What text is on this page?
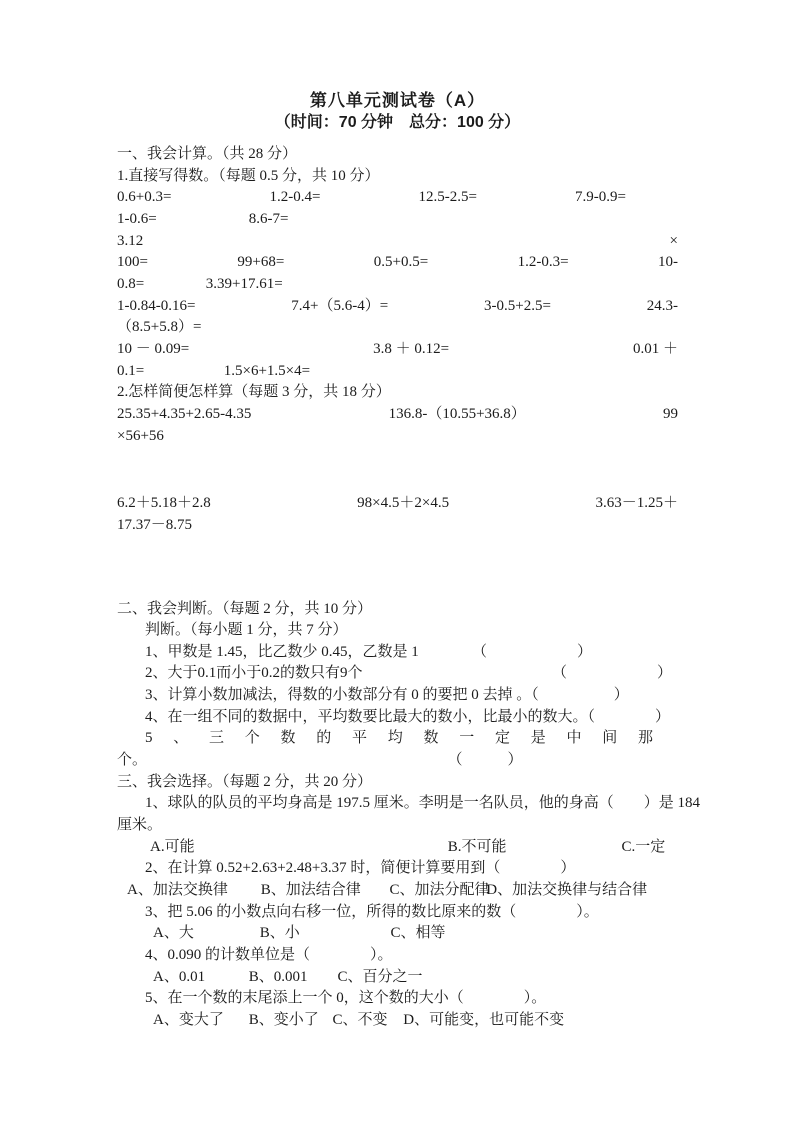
第八单元测试卷（A）
（时间：70 分钟　总分：100 分）
一、我会计算。（共 28 分）
1.直接写得数。（每题 0.5 分，共 10 分）
0.6+0.3=	1.2-0.4=	12.5-2.5=	7.9-0.9=
1-0.6=	8.6-7=
3.12	×
100=	99+68=	0.5+0.5=	1.2-0.3=	10-
0.8=	3.39+17.61=
1-0.84-0.16=	7.4+（5.6-4）=	3-0.5+2.5=	24.3-
（8.5+5.8）=
10 － 0.09=	3.8 ＋ 0.12=	0.01 ＋
0.1=	1.5×6+1.5×4=
2.怎样简便怎样算（每题 3 分，共 18 分）
25.35+4.35+2.65-4.35	136.8-（10.55+36.8）	99
×56+56
6.2＋5.18＋2.8	98×4.5＋2×4.5	3.63－1.25＋
17.37－8.75
二、我会判断。（每题 2 分，共 10 分）
判断。（每小题 1 分，共 7 分）
1、甲数是 1.45，比乙数少 0.45，乙数是 1	（　　　　　　）
2、大于0.1而小于0.2的数只有9个	（　　　　　　）
3、计算小数加减法，得数的小数部分有 0 的要把 0 去掉 。（　　　　　）
4、在一组不同的数据中，平均数要比最大的数小，比最小的数大。（　　　　）
5 、 三 个 数 的 平 均 数 一 定 是 中 间 那
个。	（　　　）
三、我会选择。（每题 2 分，共 20 分）
1、球队的队员的平均身高是 197.5 厘米。李明是一名队员，他的身高（　　）是 184
厘米。
A.可能	B.不可能	C.一定
2、在计算 0.52+2.63+2.48+3.37 时，简便计算要用到（　　　　）
A、加法交换律 B、加法结合律 C、加法分配律 D、加法交换律与结合律
3、把 5.06 的小数点向右移一位，所得的数比原来的数（　　　　）。
A、大	B、小	C、相等
4、0.090 的计数单位是（　　　　）。
A、0.01	B、0.001 C、百分之一
5、在一个数的末尾添上一个 0，这个数的大小（　　　　）。
A、变大了 B、变小了 C、不变 D、可能变，也可能不变
